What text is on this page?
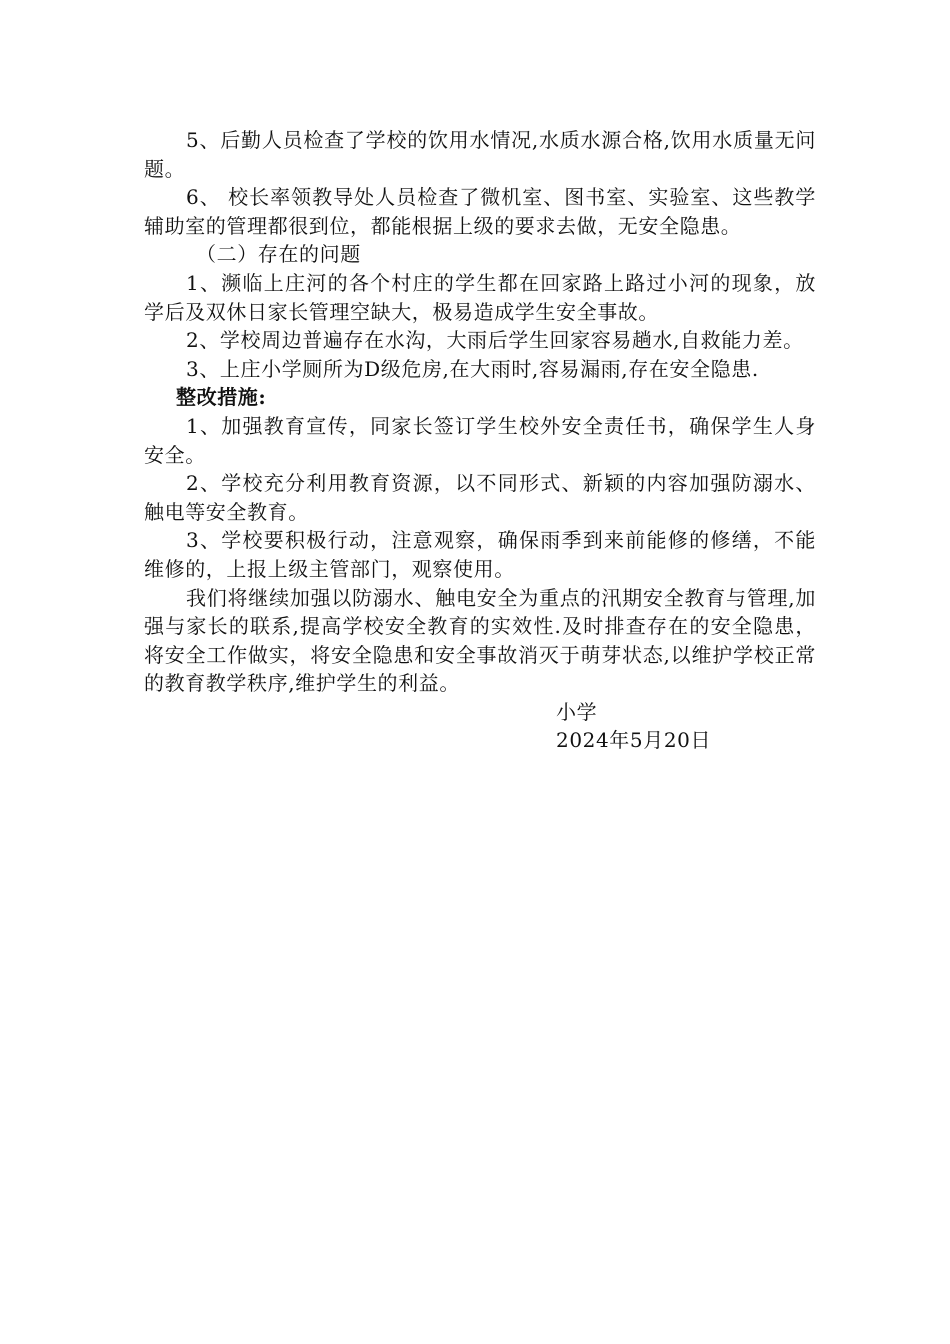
5、后勤人员检查了学校的饮用水情况,水质水源合格,饮用水质量无问题。

6、 校长率领教导处人员检查了微机室、图书室、实验室、这些教学辅助室的管理都很到位，都能根据上级的要求去做，无安全隐患。

（二）存在的问题

1、濒临上庄河的各个村庄的学生都在回家路上路过小河的现象，放学后及双休日家长管理空缺大，极易造成学生安全事故。

2、学校周边普遍存在水沟，大雨后学生回家容易趟水,自救能力差。

3、上庄小学厕所为D级危房,在大雨时,容易漏雨,存在安全隐患.

整改措施:

1、加强教育宣传，同家长签订学生校外安全责任书，确保学生人身安全。

2、学校充分利用教育资源，以不同形式、新颖的内容加强防溺水、触电等安全教育。

3、学校要积极行动，注意观察，确保雨季到来前能修的修缮，不能维修的，上报上级主管部门，观察使用。

我们将继续加强以防溺水、触电安全为重点的汛期安全教育与管理,加强与家长的联系,提高学校安全教育的实效性.及时排查存在的安全隐患，将安全工作做实，将安全隐患和安全事故消灭于萌芽状态,以维护学校正常的教育教学秩序,维护学生的利益。

小学

2024年5月20日
